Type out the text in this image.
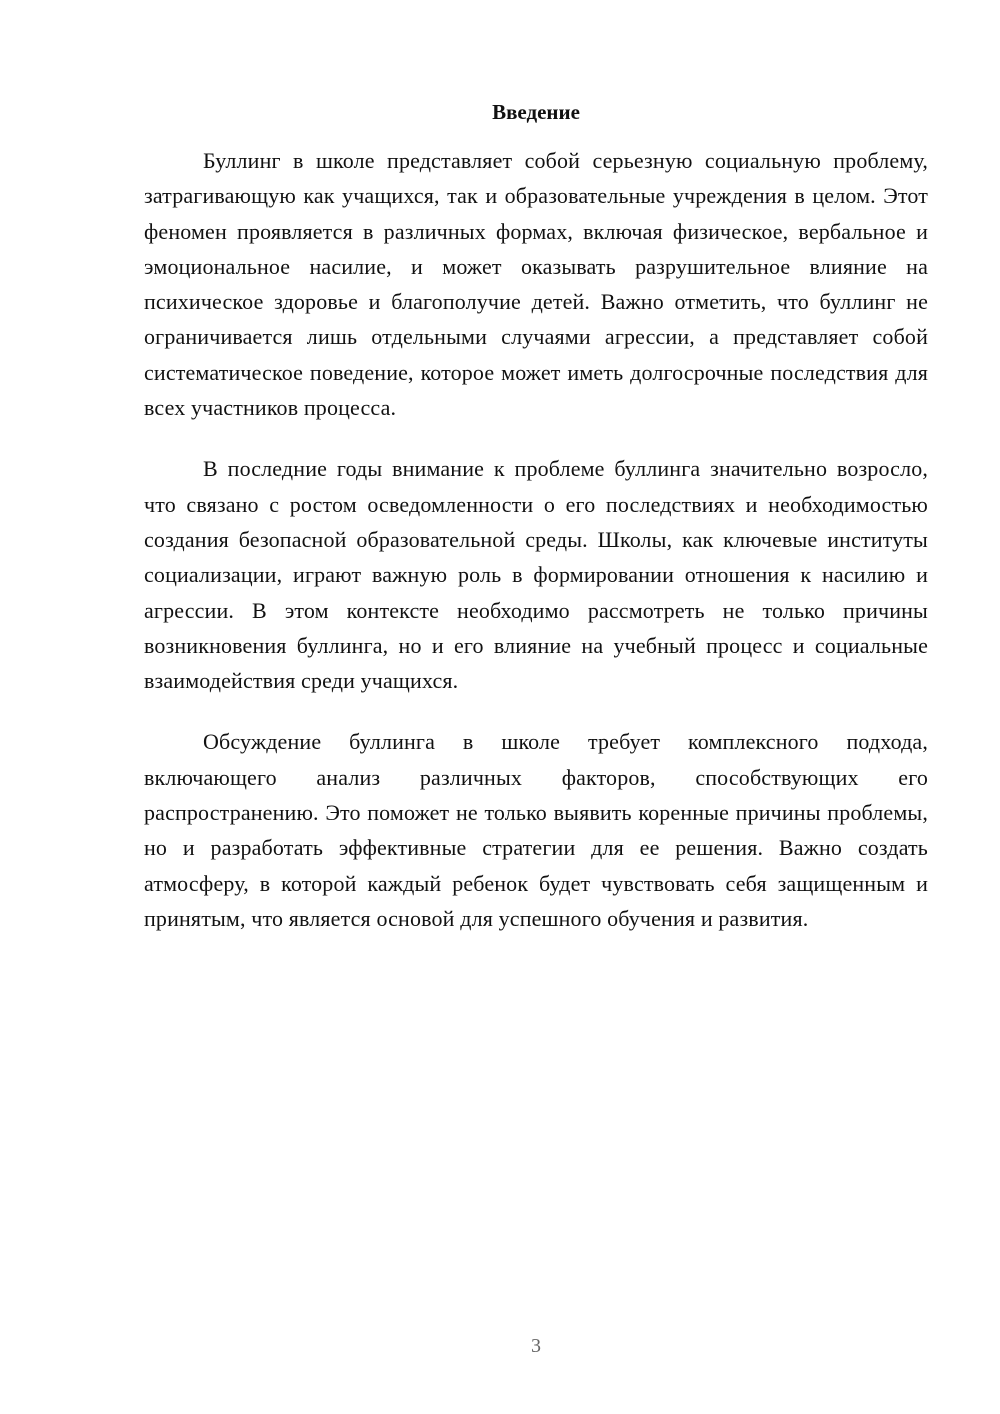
Введение

Буллинг в школе представляет собой серьезную социальную проблему, затрагивающую как учащихся, так и образовательные учреждения в целом. Этот феномен проявляется в различных формах, включая физическое, вербальное и эмоциональное насилие, и может оказывать разрушительное влияние на психическое здоровье и благополучие детей. Важно отметить, что буллинг не ограничивается лишь отдельными случаями агрессии, а представляет собой систематическое поведение, которое может иметь долгосрочные последствия для всех участников процесса.

В последние годы внимание к проблеме буллинга значительно возросло, что связано с ростом осведомленности о его последствиях и необходимостью создания безопасной образовательной среды. Школы, как ключевые институты социализации, играют важную роль в формировании отношения к насилию и агрессии. В этом контексте необходимо рассмотреть не только причины возникновения буллинга, но и его влияние на учебный процесс и социальные взаимодействия среди учащихся.

Обсуждение буллинга в школе требует комплексного подхода, включающего анализ различных факторов, способствующих его распространению. Это поможет не только выявить коренные причины проблемы, но и разработать эффективные стратегии для ее решения. Важно создать атмосферу, в которой каждый ребенок будет чувствовать себя защищенным и принятым, что является основой для успешного обучения и развития.

3
